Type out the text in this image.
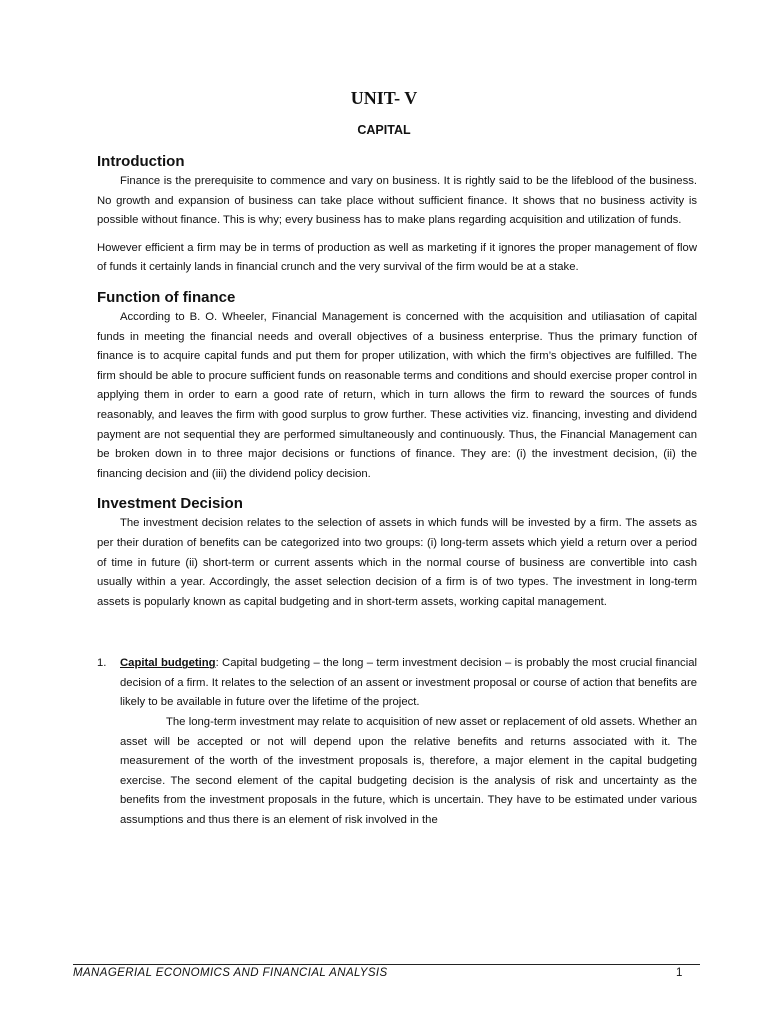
UNIT- V
CAPITAL
Introduction

Finance is the prerequisite to commence and vary on business. It is rightly said to be the lifeblood of the business. No growth and expansion of business can take place without sufficient finance. It shows that no business activity is possible without finance. This is why; every business has to make plans regarding acquisition and utilization of funds.

However efficient a firm may be in terms of production as well as marketing if it ignores the proper management of flow of funds it certainly lands in financial crunch and the very survival of the firm would be at a stake.

Function of finance

According to B. O. Wheeler, Financial Management is concerned with the acquisition and utiliasation of capital funds in meeting the financial needs and overall objectives of a business enterprise. Thus the primary function of finance is to acquire capital funds and put them for proper utilization, with which the firm’s objectives are fulfilled. The firm should be able to procure sufficient funds on reasonable terms and conditions and should exercise proper control in applying them in order to earn a good rate of return, which in turn allows the firm to reward the sources of funds reasonably, and leaves the firm with good surplus to grow further. These activities viz. financing, investing and dividend payment are not sequential they are performed simultaneously and continuously. Thus, the Financial Management can be broken down in to three major decisions or functions of finance. They are: (i) the investment decision, (ii) the financing decision and (iii) the dividend policy decision.

Investment Decision

The investment decision relates to the selection of assets in which funds will be invested by a firm. The assets as per their duration of benefits can be categorized into two groups: (i) long-term assets which yield a return over a period of time in future (ii) short-term or current assents which in the normal course of business are convertible into cash usually within a year. Accordingly, the asset selection decision of a firm is of two types. The investment in long-term assets is popularly known as capital budgeting and in short-term assets, working capital management.

1. Capital budgeting: Capital budgeting – the long – term investment decision – is probably the most crucial financial decision of a firm. It relates to the selection of an assent or investment proposal or course of action that benefits are likely to be available in future over the lifetime of the project.

The long-term investment may relate to acquisition of new asset or replacement of old assets. Whether an asset will be accepted or not will depend upon the relative benefits and returns associated with it. The measurement of the worth of the investment proposals is, therefore, a major element in the capital budgeting exercise. The second element of the capital budgeting decision is the analysis of risk and uncertainty as the benefits from the investment proposals in the future, which is uncertain. They have to be estimated under various assumptions and thus there is an element of risk involved in the

MANAGERIAL ECONOMICS AND FINANCIAL ANALYSIS	1
